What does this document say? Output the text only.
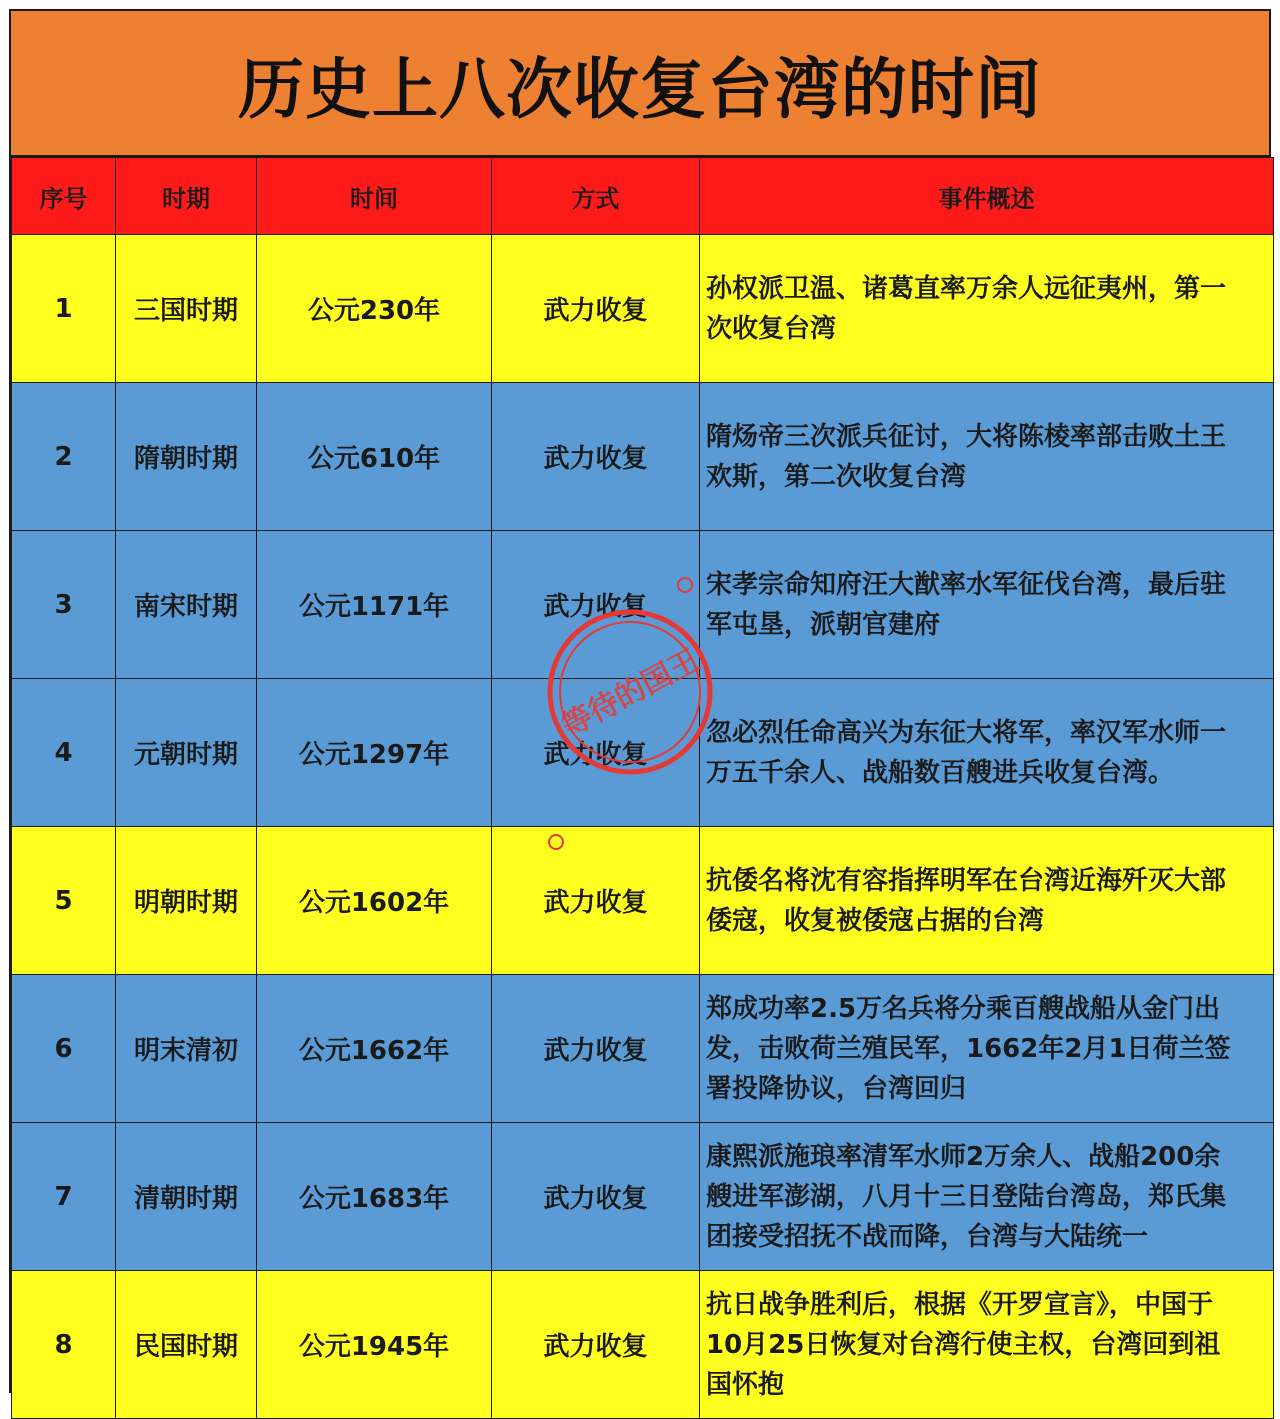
历史上八次收复台湾的时间
序号	时期	时间	方式	事件概述
1	三国时期	公元230年	武力收复	孙权派卫温、诸葛直率万余人远征夷州，第一
次收复台湾

2	隋朝时期	公元610年	武力收复	隋炀帝三次派兵征讨，大将陈棱率部击败土王
欢斯，第二次收复台湾

3	南宋时期	公元1171年	武力收复	宋孝宗命知府汪大猷率水军征伐台湾，最后驻
军屯垦，派朝官建府

4	元朝时期	公元1297年	武力收复	忽必烈任命高兴为东征大将军，率汉军水师一
万五千余人、战船数百艘进兵收复台湾。

5	明朝时期	公元1602年	武力收复	抗倭名将沈有容指挥明军在台湾近海歼灭大部
倭寇，收复被倭寇占据的台湾

6	明末清初	公元1662年	武力收复	郑成功率2.5万名兵将分乘百艘战船从金门出
发，击败荷兰殖民军，1662年2月1日荷兰签
署投降协议，台湾回归

7	清朝时期	公元1683年	武力收复	康熙派施琅率清军水师2万余人、战船200余
艘进军澎湖，八月十三日登陆台湾岛，郑氏集
团接受招抚不战而降，台湾与大陆统一

8	民国时期	公元1945年	武力收复	抗日战争胜利后，根据《开罗宣言》，中国于
10月25日恢复对台湾行使主权，台湾回到祖
国怀抱
等待的国王
